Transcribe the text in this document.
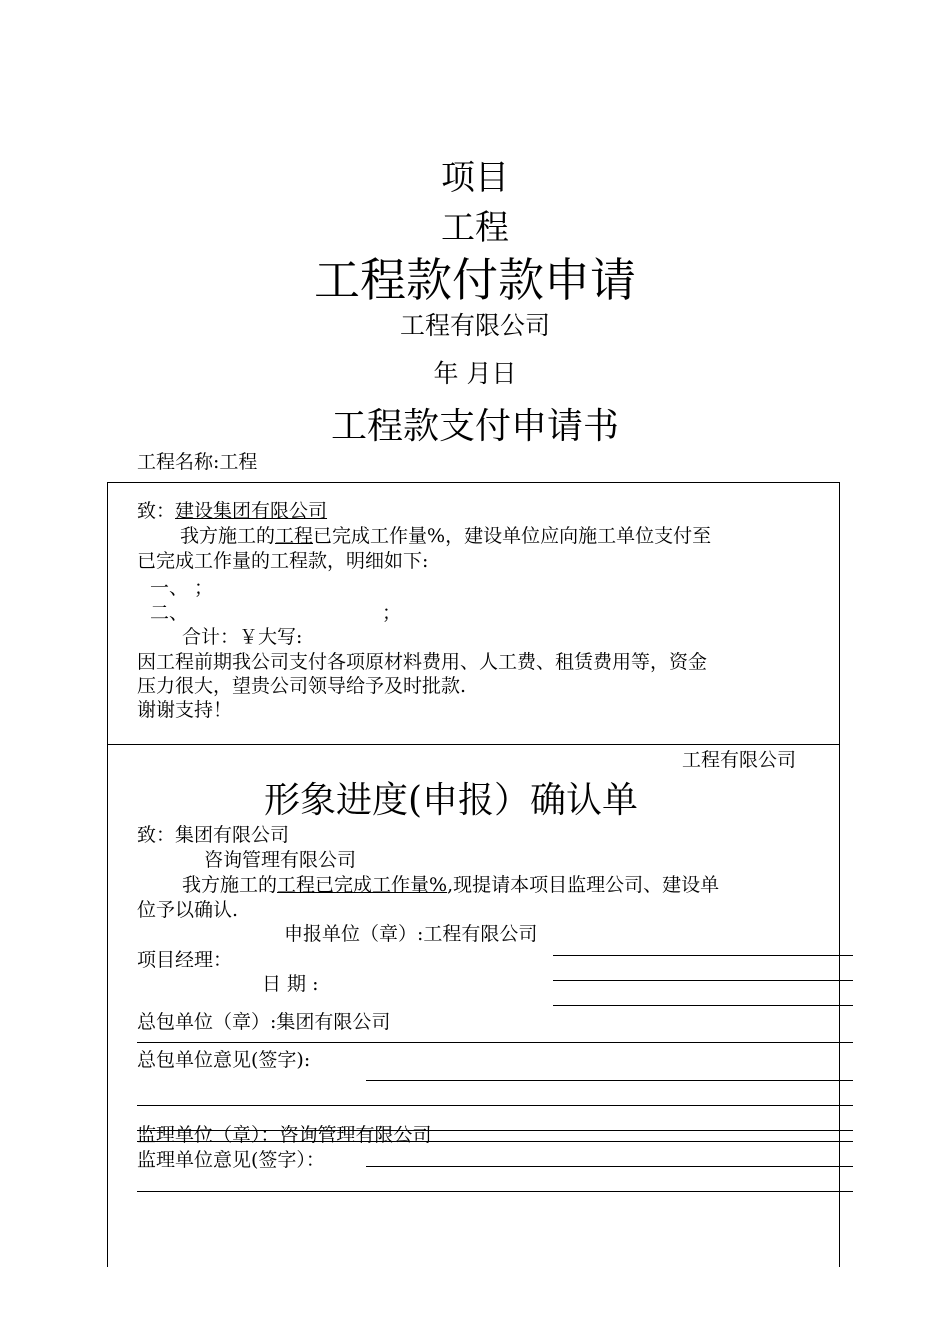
项目
工程
工程款付款申请
工程有限公司
年 月日
工程款支付申请书
工程名称:工程
致：建设集团有限公司
我方施工的工程已完成工作量%，建设单位应向施工单位支付至
已完成工作量的工程款，明细如下:
一、 ；
二、	；
合计：￥大写:
因工程前期我公司支付各项原材料费用、人工费、租赁费用等，资金
压力很大，望贵公司领导给予及时批款.
谢谢支持！
工程有限公司
形象进度(申报）确认单
致：集团有限公司
咨询管理有限公司
我方施工的工程已完成工作量%,现提请本项目监理公司、建设单
位予以确认.
申报单位（章）:工程有限公司
项目经理：
日 期 :
总包单位（章）:集团有限公司
总包单位意见(签字):
监理单位（章）：咨询管理有限公司
监理单位意见(签字）：
